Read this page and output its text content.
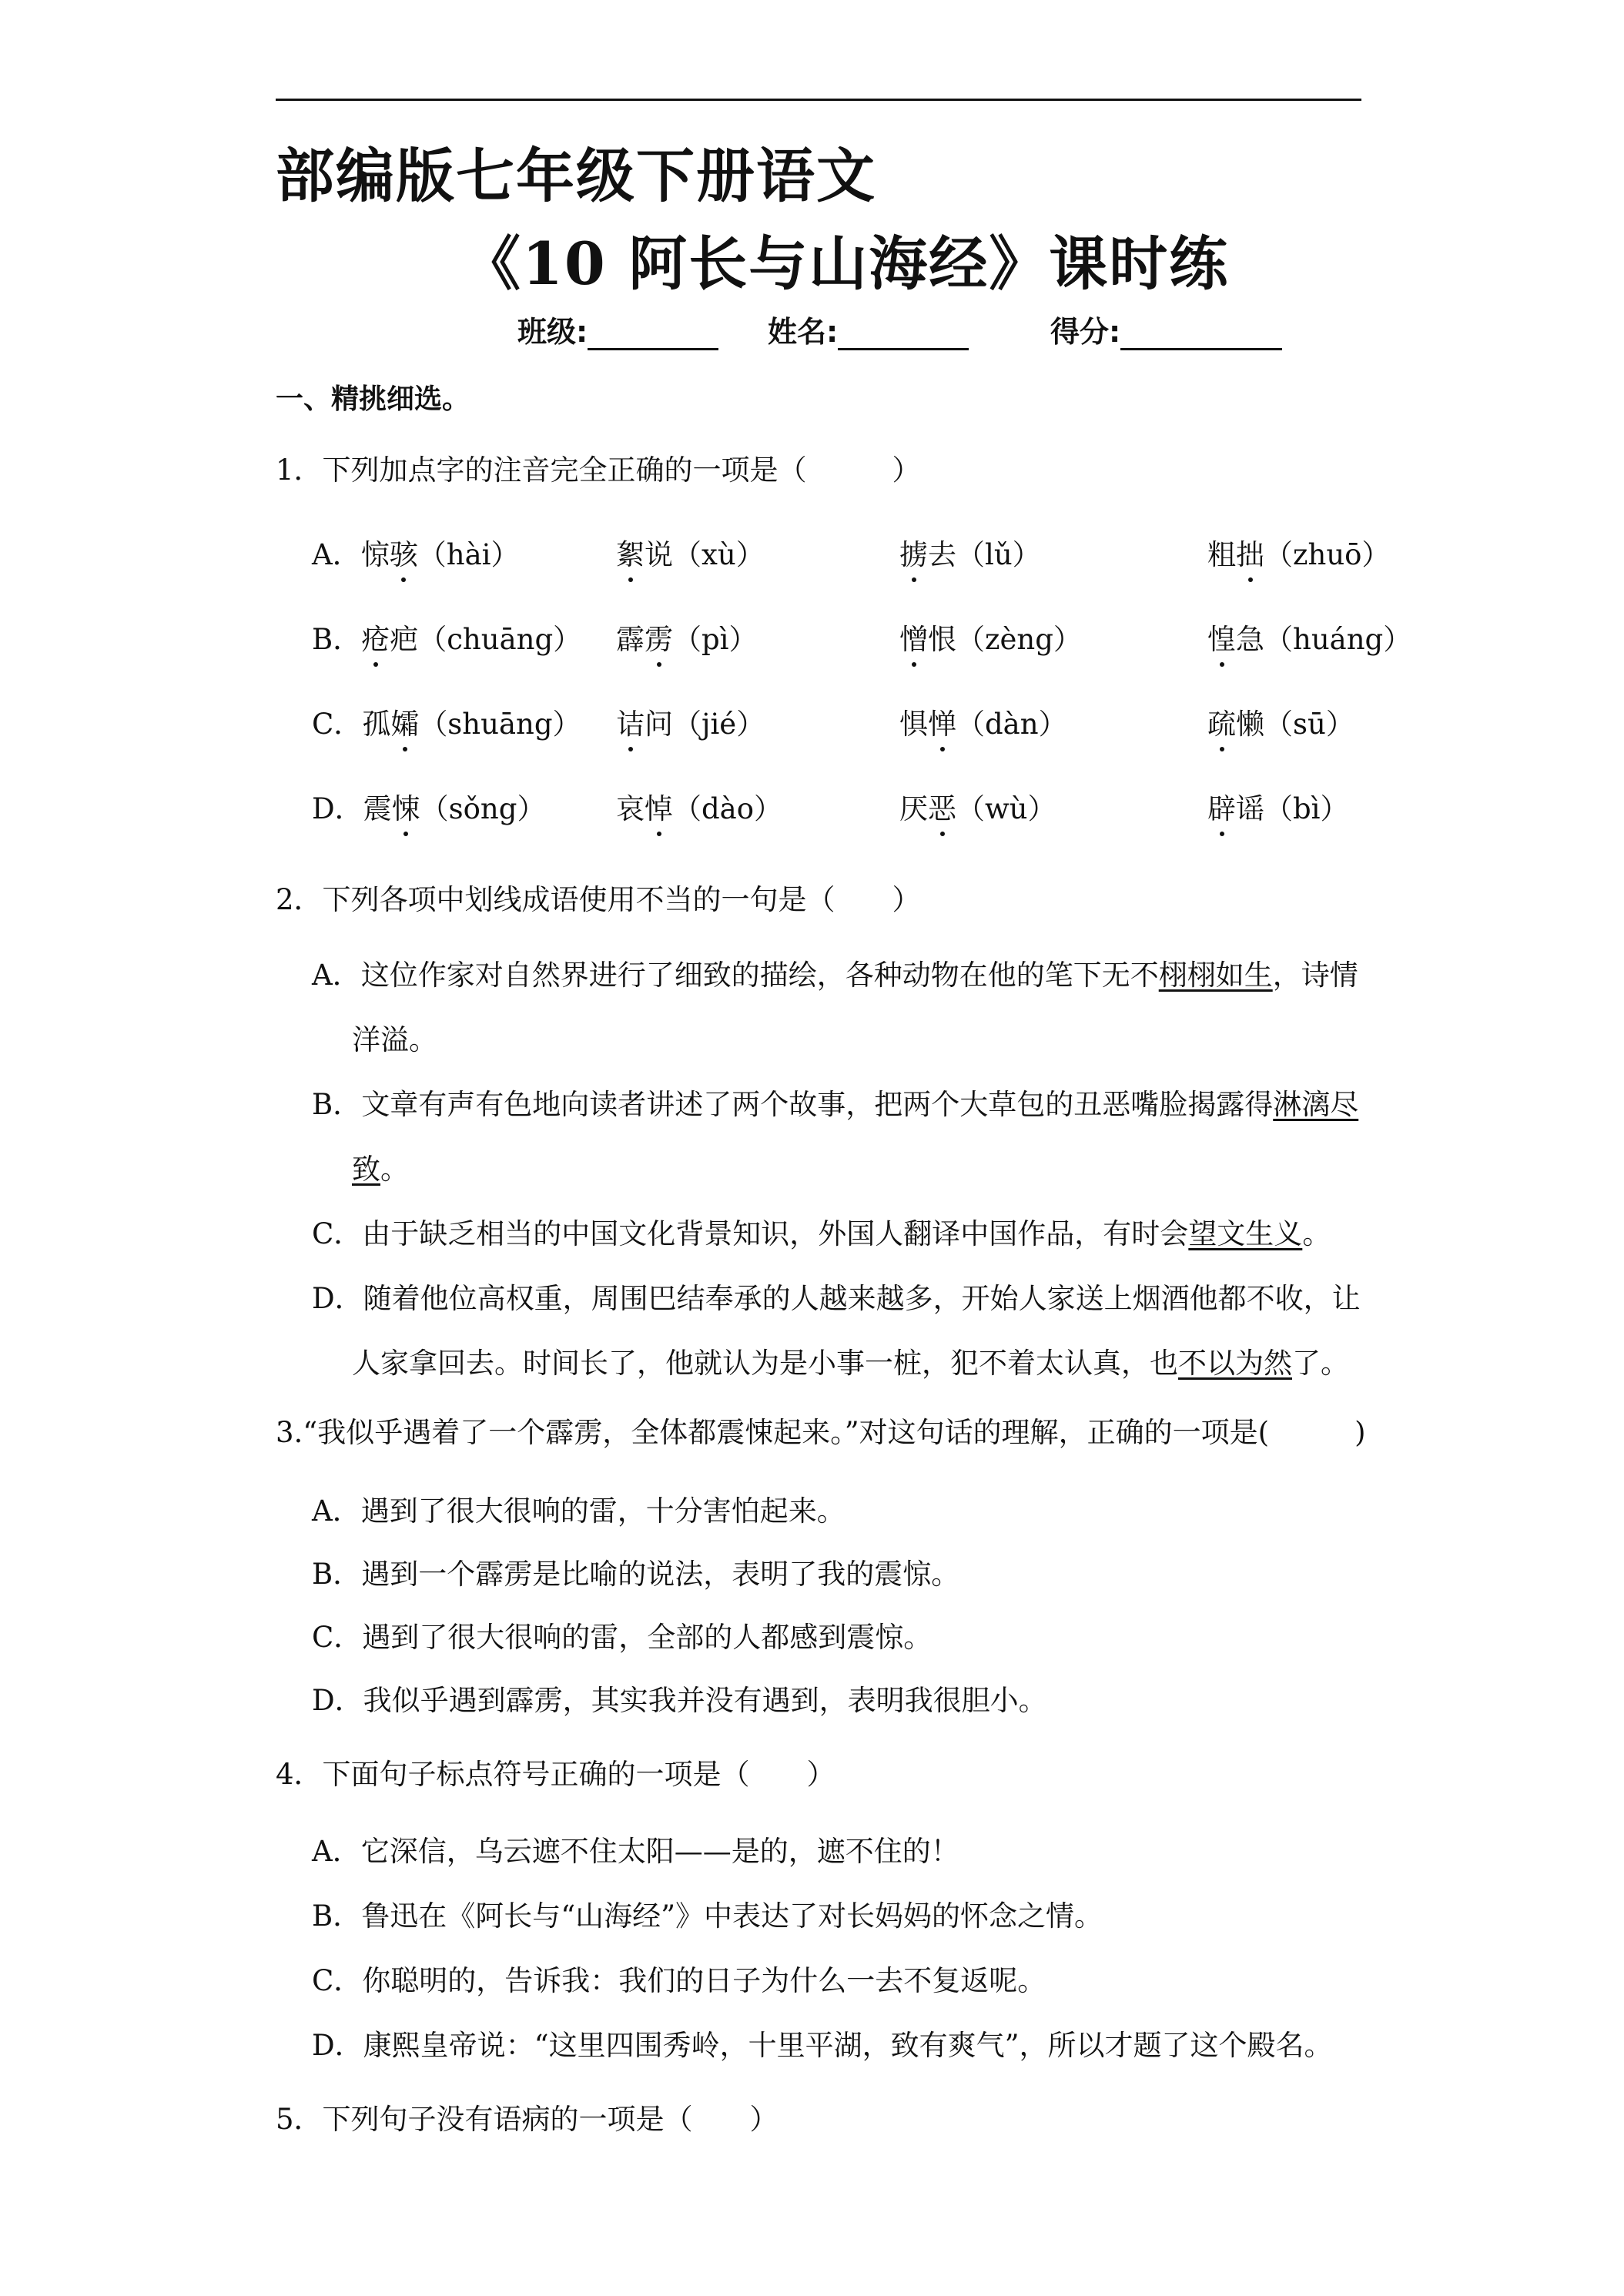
部编版七年级下册语文
《10 阿长与山海经》课时练
班级:	姓名:	得分:
一、精挑细选。
1．下列加点字的注音完全正确的一项是（　　　）
A．惊骇（hài）	絮说（xù）	掳去（lǔ）	粗拙（zhuō）
B．疮疤（chuāng） 霹雳（pì）	憎恨（zèng）	惶急（huáng）
C．孤孀（shuāng） 诘问（jié）	惧惮（dàn）	疏懒（sū）
D．震悚（sǒng） 哀悼（dào）	厌恶（wù）	辟谣（bì）
2．下列各项中划线成语使用不当的一句是（　　）
A．这位作家对自然界进行了细致的描绘，各种动物在他的笔下无不栩栩如生，诗情
洋溢。
B．文章有声有色地向读者讲述了两个故事，把两个大草包的丑恶嘴脸揭露得淋漓尽
致。
C．由于缺乏相当的中国文化背景知识，外国人翻译中国作品，有时会望文生义。
D．随着他位高权重，周围巴结奉承的人越来越多，开始人家送上烟酒他都不收，让
人家拿回去。时间长了，他就认为是小事一桩，犯不着太认真，也不以为然了。
3.“我似乎遇着了一个霹雳，全体都震悚起来。”对这句话的理解，正确的一项是(　　　)
A．遇到了很大很响的雷，十分害怕起来。
B．遇到一个霹雳是比喻的说法，表明了我的震惊。
C．遇到了很大很响的雷，全部的人都感到震惊。
D．我似乎遇到霹雳，其实我并没有遇到，表明我很胆小。
4．下面句子标点符号正确的一项是（　　）
A．它深信，乌云遮不住太阳——是的，遮不住的！
B．鲁迅在《阿长与“山海经”》中表达了对长妈妈的怀念之情。
C．你聪明的，告诉我：我们的日子为什么一去不复返呢。
D．康熙皇帝说：“这里四围秀岭，十里平湖，致有爽气”，所以才题了这个殿名。
5．下列句子没有语病的一项是（　　）
